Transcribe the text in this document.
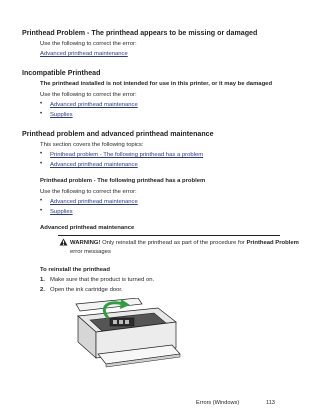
Printhead Problem - The printhead appears to be missing or damaged
Use the following to correct the error:
Advanced printhead maintenance
Incompatible Printhead
The printhead installed is not intended for use in this printer, or it may be damaged
Use the following to correct the error:
• Advanced printhead maintenance
• Supplies
Printhead problem and advanced printhead maintenance
This section covers the following topics:
• Printhead problem - The following printhead has a problem
• Advanced printhead maintenance
Printhead problem - The following printhead has a problem
Use the following to correct the error:
• Advanced printhead maintenance
• Supplies
Advanced printhead maintenance
WARNING! Only reinstall the printhead as part of the procedure for Printhead Problem
error messages
To reinstall the printhead
1. Make sure that the product is turned on.
2. Open the ink cartridge door.
Errors (Windows)	113
